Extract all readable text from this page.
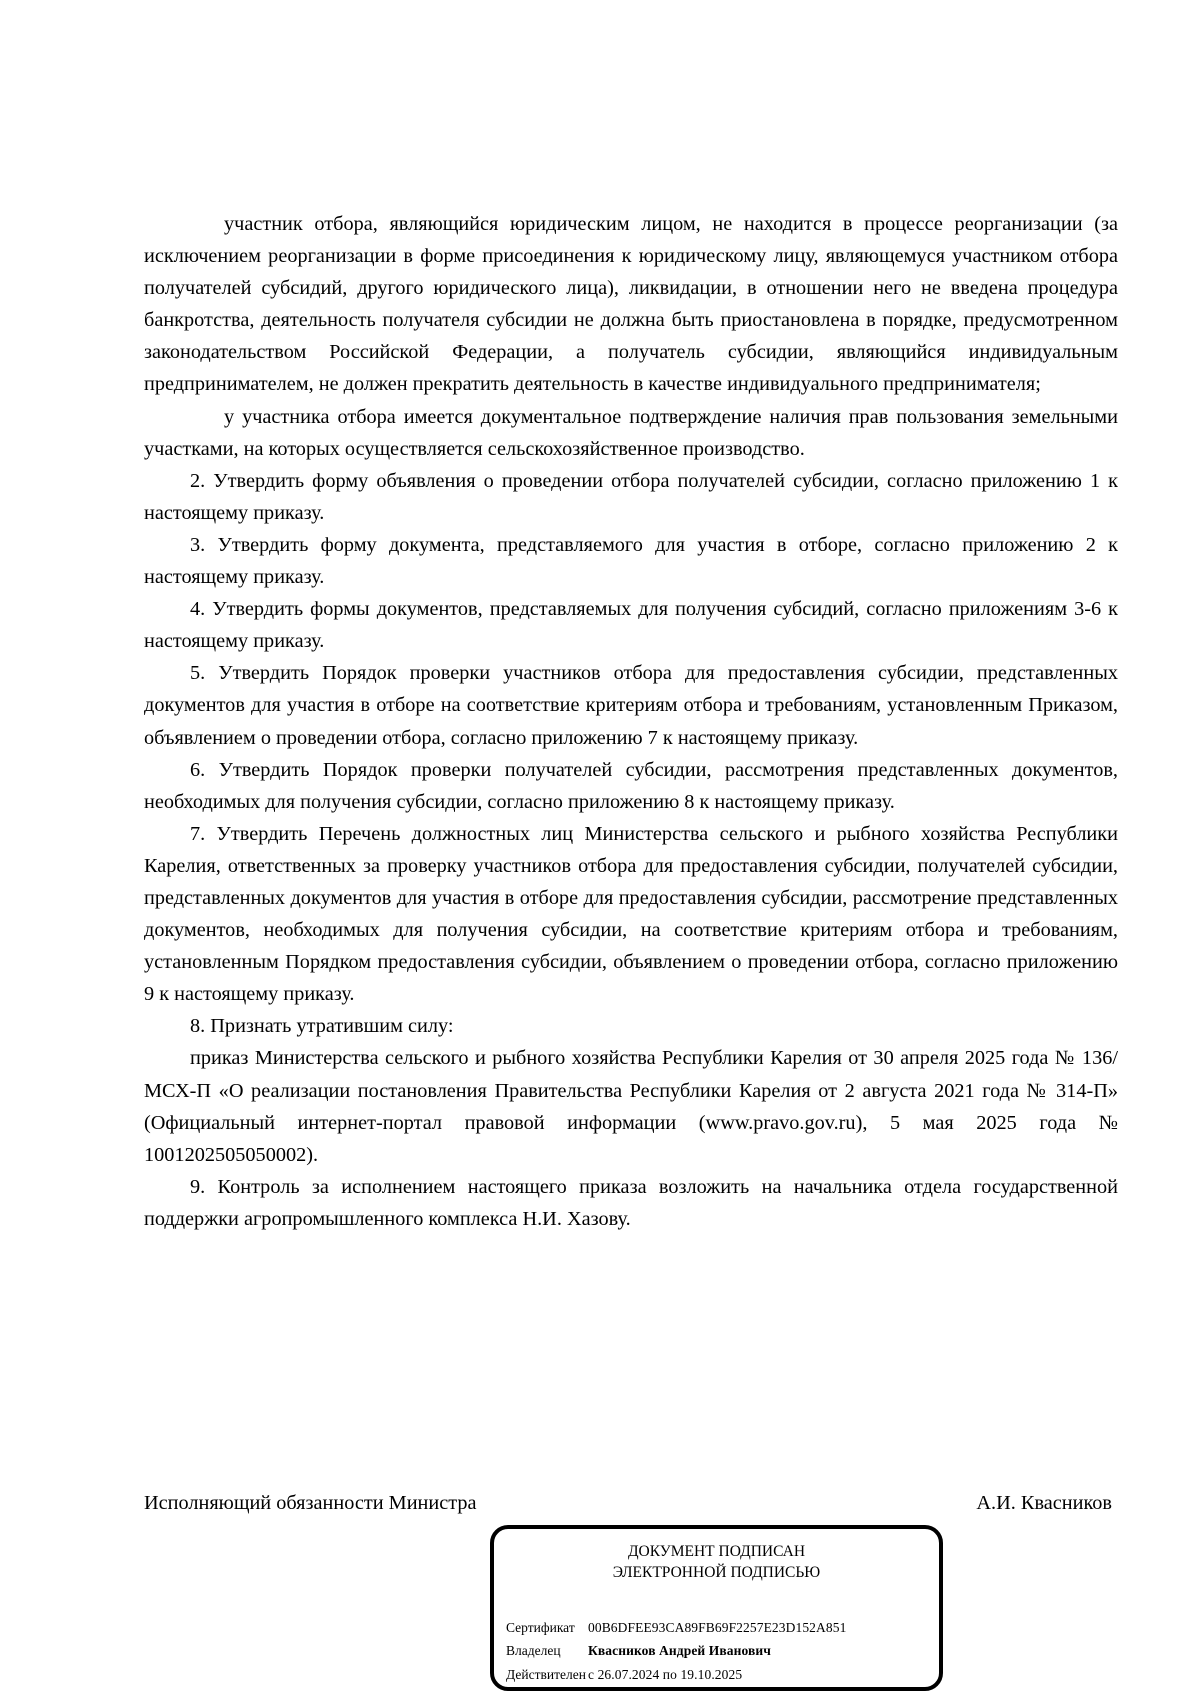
участник отбора, являющийся юридическим лицом, не находится в процессе реорганизации (за исключением реорганизации в форме присоединения к юридическому лицу, являющемуся участником отбора получателей субсидий, другого юридического лица), ликвидации, в отношении него не введена процедура банкротства, деятельность получателя субсидии не должна быть приостановлена в порядке, предусмотренном законодательством Российской Федерации, а получатель субсидии, являющийся индивидуальным предпринимателем, не должен прекратить деятельность в качестве индивидуального предпринимателя;

у участника отбора имеется документальное подтверждение наличия прав пользования земельными участками, на которых осуществляется сельскохозяйственное производство.

2. Утвердить форму объявления о проведении отбора получателей субсидии, согласно приложению 1 к настоящему приказу.

3. Утвердить форму документа, представляемого для участия в отборе, согласно приложению 2 к настоящему приказу.

4. Утвердить формы документов, представляемых для получения субсидий, согласно приложениям 3-6 к настоящему приказу.

5. Утвердить Порядок проверки участников отбора для предоставления субсидии, представленных документов для участия в отборе на соответствие критериям отбора и требованиям, установленным Приказом, объявлением о проведении отбора, согласно приложению 7 к настоящему приказу.

6. Утвердить Порядок проверки получателей субсидии, рассмотрения представленных документов, необходимых для получения субсидии, согласно приложению 8 к настоящему приказу.

7. Утвердить Перечень должностных лиц Министерства сельского и рыбного хозяйства Республики Карелия, ответственных за проверку участников отбора для предоставления субсидии, получателей субсидии, представленных документов для участия в отборе для предоставления субсидии, рассмотрение представленных документов, необходимых для получения субсидии, на соответствие критериям отбора и требованиям, установленным Порядком предоставления субсидии, объявлением о проведении отбора, согласно приложению 9 к настоящему приказу.

8. Признать утратившим силу:

приказ Министерства сельского и рыбного хозяйства Республики Карелия от 30 апреля 2025 года № 136/МСХ-П «О реализации постановления Правительства Республики Карелия от 2 августа 2021 года № 314-П» (Официальный интернет-портал правовой информации (www.pravo.gov.ru), 5 мая 2025 года № 1001202505050002).

9. Контроль за исполнением настоящего приказа возложить на начальника отдела государственной поддержки агропромышленного комплекса Н.И. Хазову.

Исполняющий обязанности Министра	А.И. Квасников
ДОКУМЕНТ ПОДПИСАН
ЭЛЕКТРОННОЙ ПОДПИСЬЮ
Сертификат 00B6DFEE93CA89FB69F2257E23D152A851
Владелец Квасников Андрей Иванович
Действителен с 26.07.2024 по 19.10.2025
